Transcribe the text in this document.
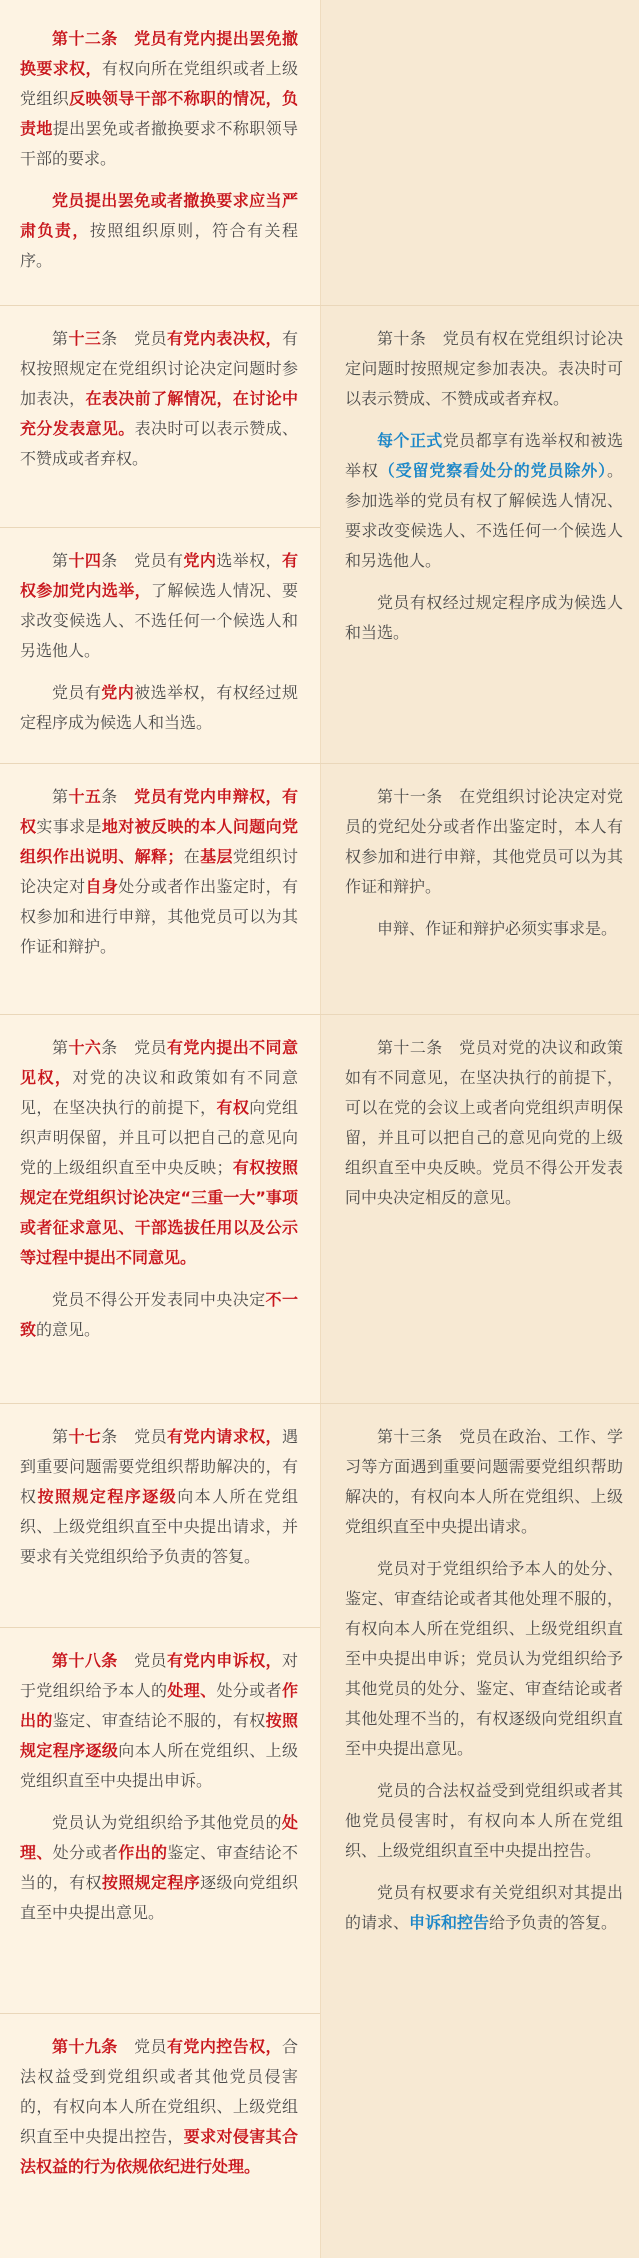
第十二条　党员有党内提出罢免撤换要求权，有权向所在党组织或者上级党组织反映领导干部不称职的情况，负责地提出罢免或者撤换要求不称职领导干部的要求。

党员提出罢免或者撤换要求应当严肃负责，按照组织原则，符合有关程序。

第十三条　党员有党内表决权，有权按照规定在党组织讨论决定问题时参加表决，在表决前了解情况，在讨论中充分发表意见。表决时可以表示赞成、不赞成或者弃权。

第十四条　党员有党内选举权，有权参加党内选举，了解候选人情况、要求改变候选人、不选任何一个候选人和另选他人。

党员有党内被选举权，有权经过规定程序成为候选人和当选。

第十五条　党员有党内申辩权，有权实事求是地对被反映的本人问题向党组织作出说明、解释；在基层党组织讨论决定对自身处分或者作出鉴定时，有权参加和进行申辩，其他党员可以为其作证和辩护。

第十六条　党员有党内提出不同意见权，对党的决议和政策如有不同意见，在坚决执行的前提下，有权向党组织声明保留，并且可以把自己的意见向党的上级组织直至中央反映；有权按照规定在党组织讨论决定“三重一大”事项或者征求意见、干部选拔任用以及公示等过程中提出不同意见。

党员不得公开发表同中央决定不一致的意见。

第十七条　党员有党内请求权，遇到重要问题需要党组织帮助解决的，有权按照规定程序逐级向本人所在党组织、上级党组织直至中央提出请求，并要求有关党组织给予负责的答复。

第十八条　党员有党内申诉权，对于党组织给予本人的处理、处分或者作出的鉴定、审查结论不服的，有权按照规定程序逐级向本人所在党组织、上级党组织直至中央提出申诉。

党员认为党组织给予其他党员的处理、处分或者作出的鉴定、审查结论不当的，有权按照规定程序逐级向党组织直至中央提出意见。

第十九条　党员有党内控告权，合法权益受到党组织或者其他党员侵害的，有权向本人所在党组织、上级党组织直至中央提出控告，要求对侵害其合法权益的行为依规依纪进行处理。

第十条　党员有权在党组织讨论决定问题时按照规定参加表决。表决时可以表示赞成、不赞成或者弃权。

每个正式党员都享有选举权和被选举权（受留党察看处分的党员除外）。参加选举的党员有权了解候选人情况、要求改变候选人、不选任何一个候选人和另选他人。

党员有权经过规定程序成为候选人和当选。

第十一条　在党组织讨论决定对党员的党纪处分或者作出鉴定时，本人有权参加和进行申辩，其他党员可以为其作证和辩护。

申辩、作证和辩护必须实事求是。

第十二条　党员对党的决议和政策如有不同意见，在坚决执行的前提下，可以在党的会议上或者向党组织声明保留，并且可以把自己的意见向党的上级组织直至中央反映。党员不得公开发表同中央决定相反的意见。

第十三条　党员在政治、工作、学习等方面遇到重要问题需要党组织帮助解决的，有权向本人所在党组织、上级党组织直至中央提出请求。

党员对于党组织给予本人的处分、鉴定、审查结论或者其他处理不服的，有权向本人所在党组织、上级党组织直至中央提出申诉；党员认为党组织给予其他党员的处分、鉴定、审查结论或者其他处理不当的，有权逐级向党组织直至中央提出意见。

党员的合法权益受到党组织或者其他党员侵害时，有权向本人所在党组织、上级党组织直至中央提出控告。

党员有权要求有关党组织对其提出的请求、申诉和控告给予负责的答复。
